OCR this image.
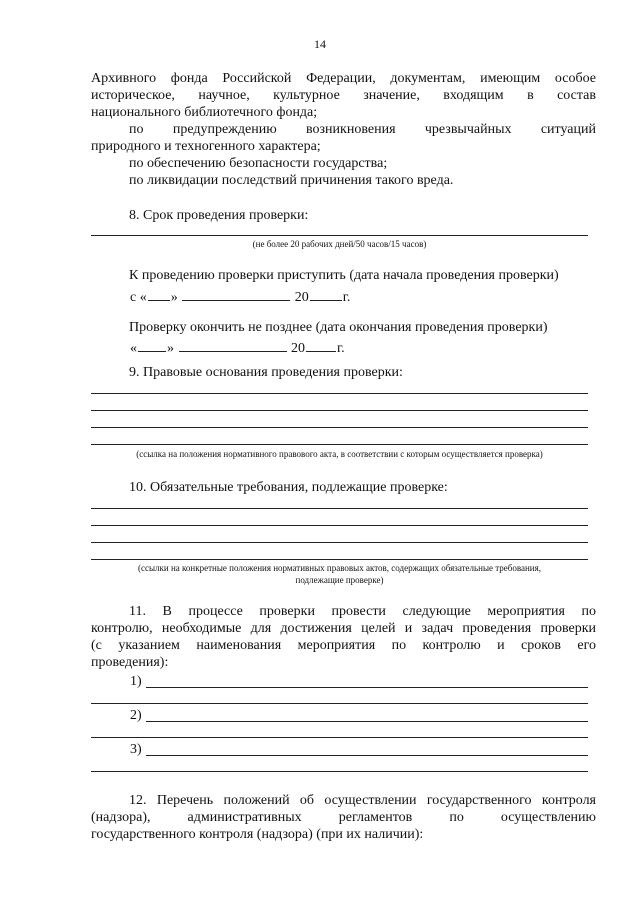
14
Архивного фонда Российской Федерации, документам, имеющим особое
историческое, научное, культурное значение, входящим в состав
национального библиотечного фонда;
по предупреждению возникновения чрезвычайных ситуаций
природного и техногенного характера;
по обеспечению безопасности государства;
по ликвидации последствий причинения такого вреда.
8. Срок проведения проверки:
(не более 20 рабочих дней/50 часов/15 часов)
К проведению проверки приступить (дата начала проведения проверки)
с « »	20 г.
Проверку окончить не позднее (дата окончания проведения проверки)
« »	20 г.
9. Правовые основания проведения проверки:
(ссылка на положения нормативного правового акта, в соответствии с которым осуществляется проверка)
10. Обязательные требования, подлежащие проверке:
(ссылки на конкретные положения нормативных правовых актов, содержащих обязательные требования,
подлежащие проверке)
11. В процессе проверки провести следующие мероприятия по
контролю, необходимые для достижения целей и задач проведения проверки
(с указанием наименования мероприятия по контролю и сроков его
проведения):
1)
2)
3)
12. Перечень положений об осуществлении государственного контроля
(надзора), административных регламентов по осуществлению
государственного контроля (надзора) (при их наличии):
